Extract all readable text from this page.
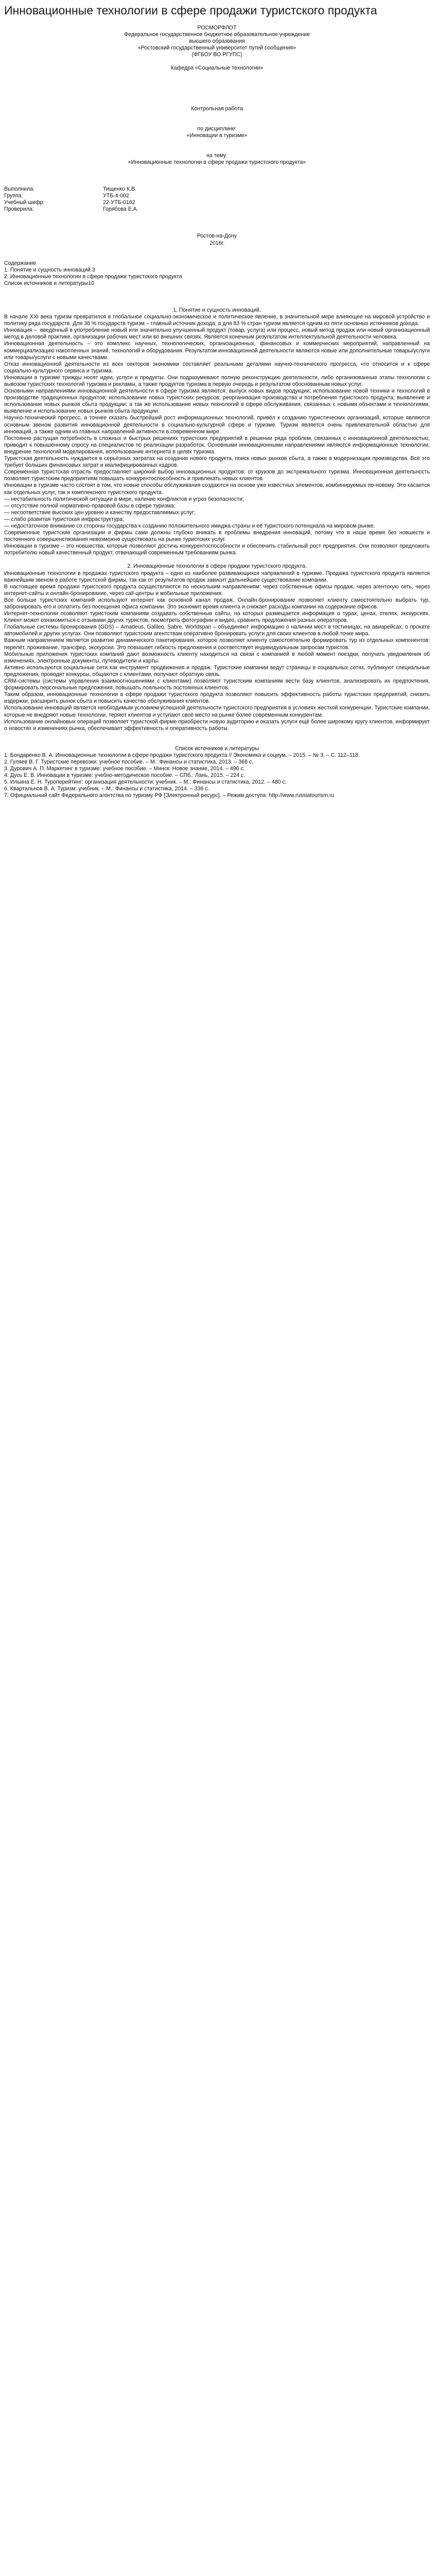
Инновационные технологии в сфере продажи туристского продукта

РОСМОРФЛОТ

Федеральное государственное бюджетное образовательное учреждение

высшего образования

«Ростовский государственный университет путей сообщения»

(ФГБОУ ВО РГУПС)

Кафедра «Социальные технологии»

Контрольная работа

по дисциплине:

«Инновации в туризме»

на тему:

«Инновационные технологии в сфере продажи туристского продукта»

Выполнила:	Тищенко К.В.
Группа:	УТБ-4-002
Учебный шифр:	22-УТБ-0162
Проверила:	Горябова Е.А.

Ростов-на-Дону

2016г.

Содержание

1. Понятие и сущность инноваций.3

2. Инновационные технологии в сфере продажи туристского продукта

Список источников и литературы10

1. Понятие и сущность инноваций.

В начале XXI века туризм превратился в глобальное социально-экономическое и политическое явление, в значительной мере влияющее на мировой устройство и политику ряда государств. Для 38 % государств туризм – главный источник дохода, а для 83 % стран туризм является одним из пяти основных источников дохода.

Инновация – ​ введённый в употребление новый или значительно улучшенный продукт (товар, услуга) или процесс, новый метод продаж или новый организационный метод в деловой практике, организации рабочих мест или во внешних связях. Является конечным результатом интеллектуальной деятельности человека.

Инновационная деятельность – это комплекс научных, технологических, организационных, финансовых и коммерческих мероприятий, направленный на коммерциализацию накопленных знаний, технологий и оборудования. Результатом инновационной деятельности являются новые или дополнительные товары/услуги или товары/услуги с новыми качествами.

Отказ инновационной деятельности из всех секторов экономики составляет реальными деталями научно-технического прогресса, что относится и к сфере социально-культурного сервиса и туризма.

Инновации в туризме трижды носят идеи, услуги и продукты. Они подразумевают полную реконструкцию деятельности, либо организованные этапы технологии с вывозом туристских технологий туризма и рекламы, а также продуктов туризма в первую очередь и результатом обоснованным новых услуг.

Основными направлениями инновационной деятельности в сфере туризма являются: выпуск новых видов продукции; использование новой техники и технологий в производстве традиционных продуктов; использование новых туристских ресурсов; реорганизация производства и потребления туристского продукта; выявление и использование новых рынков сбыта продукции; а так же использование новых технологий в сфере обслуживания, связанных с новыми объектами и технологиями, выявление и использование новых рынков сбыта продукции.

Научно-технический прогресс, а точнее сказать быстрейший рост информационных технологий, привёл к созданию туристических организаций, которые являются основным звеном развития инновационной деятельности в социально-культурной сфере и туризме. Туризм является очень привлекательной областью для инноваций, а также одним из главных направлений активности в современном мире.

Постоянно растущая потребность в сложных и быстрых решениях туристских предприятий в решении ряда проблем, связанных с инновационной деятельностью, приводит к повышенному спросу на специалистов по реализации разработок. Основными инновационными направлениями являются информационные технологии, внедрение технологий моделирования, использование интернета в целях туризма.

Туристская деятельность нуждается в серьёзных затратах на создание нового продукта, поиск новых рынков сбыта, а также в модернизации производства. Всё это требует больших финансовых затрат и квалифицированных кадров.

Современная туристская отрасль предоставляет широкий выбор инновационных продуктов: от круизов до экстремального туризма. Инновационная деятельность позволяет туристским предприятиям повышать конкурентоспособность и привлекать новых клиентов.

Инновации в туризме часто состоят в том, что новые способы обслуживания создаются на основе уже известных элементов, комбинируемых по-новому. Это касается как отдельных услуг, так и комплексного туристского продукта.

— нестабильность политической ситуации в мире, наличие конфликтов и угроз безопасности;

— отсутствие полной нормативно-правовой базы в сфере туризма;

— несоответствие высоких цен уровню и качеству предоставляемых услуг;

— слабо развитая туристская инфраструктура;

— недостаточное внимание со стороны государства к созданию положительного имиджа страны и её туристского потенциала на мировом рынке.

Современные туристские организации и фирмы сами должны глубоко вникать в проблемы внедрения инноваций, потому что в наше время без новшеств и постоянного совершенствования невозможно существовать на рынке туристских услуг.

Инновации в туризме – это новшества, которые позволяют достичь конкурентоспособности и обеспечить стабильный рост предприятия. Они позволяют предложить потребителю новый качественный продукт, отвечающий современным требованиям рынка.

2. Инновационные технологии в сфере продажи туристского продукта.

Инновационные технологии в продажах туристского продукта – одно из наиболее развивающихся направлений в туризме. Продажа туристского продукта является важнейшим звеном в работе туристской фирмы, так как от результатов продаж зависит дальнейшее существование компании.

В настоящее время продажи туристского продукта осуществляются по нескольким направлениям: через собственные офисы продаж, через агентскую сеть, через интернет-сайты и онлайн-бронирование, через call-центры и мобильные приложения.

Все больше туристских компаний используют интернет как основной канал продаж. Онлайн-бронирование позволяет клиенту самостоятельно выбрать тур, забронировать его и оплатить без посещения офиса компании. Это экономит время клиента и снижает расходы компании на содержание офисов.

Интернет-технологии позволяют туристским компаниям создавать собственные сайты, на которых размещается информация о турах, ценах, отелях, экскурсиях. Клиент может ознакомиться с отзывами других туристов, посмотреть фотографии и видео, сравнить предложения разных операторов.

Глобальные системы бронирования (GDS) – Amadeus, Galileo, Sabre, Worldspan – объединяют информацию о наличии мест в гостиницах, на авиарейсах, о прокате автомобилей и других услугах. Они позволяют туристским агентствам оперативно бронировать услуги для своих клиентов в любой точке мира.

Важным направлением является развитие динамического пакетирования, которое позволяет клиенту самостоятельно формировать тур из отдельных компонентов: перелёт, проживание, трансфер, экскурсии. Это повышает гибкость предложения и соответствует индивидуальным запросам туристов.

Мобильные приложения туристских компаний дают возможность клиенту находиться на связи с компанией в любой момент поездки, получать уведомления об изменениях, электронные документы, путеводители и карты.

Активно используются социальные сети как инструмент продвижения и продаж. Туристские компании ведут страницы в социальных сетях, публикуют специальные предложения, проводят конкурсы, общаются с клиентами, получают обратную связь.

CRM-системы (системы управления взаимоотношениями с клиентами) позволяют туристским компаниям вести базу клиентов, анализировать их предпочтения, формировать персональные предложения, повышать лояльность постоянных клиентов.

Таким образом, инновационные технологии в сфере продажи туристского продукта позволяют повысить эффективность работы туристских предприятий, снизить издержки, расширить рынок сбыта и повысить качество обслуживания клиентов.

Использование инноваций является необходимым условием успешной деятельности туристского предприятия в условиях жесткой конкуренции. Туристские компании, которые не внедряют новые технологии, теряют клиентов и уступают своё место на рынке более современным конкурентам.

Использование онлайновых операций позволяет туристской фирме приобрести новую аудиторию и оказать услуги ещё более широкому кругу клиентов, информирует о новостях и изменениях рынка, обеспечивает эффективность и оперативность работы.

Список источников и литературы

1. Бондаренко В. А. Инновационные технологии в сфере продажи туристского продукта // Экономика и социум. – 2015. – № 3. – С. 112–118.

2. Гуляев В. Г. Туристские перевозки: учебное пособие. – М.: Финансы и статистика, 2013. – 368 с.

3. Дурович А. П. Маркетинг в туризме: учебное пособие. – Минск: Новое знание, 2014. – 496 с.

4. Дусь Е. В. Инновации в туризме: учебно-методическое пособие. – СПб.: Лань, 2015. – 224 с.

5. Ильина Е. Н. Туроперейтинг: организация деятельности: учебник. – М.: Финансы и статистика, 2012. – 480 с.

6. Квартальнов В. А. Туризм: учебник. – М.: Финансы и статистика, 2014. – 336 с.

7. Официальный сайт Федерального агентства по туризму РФ [Электронный ресурс]. – Режим доступа: http://www.russiatourism.ru
